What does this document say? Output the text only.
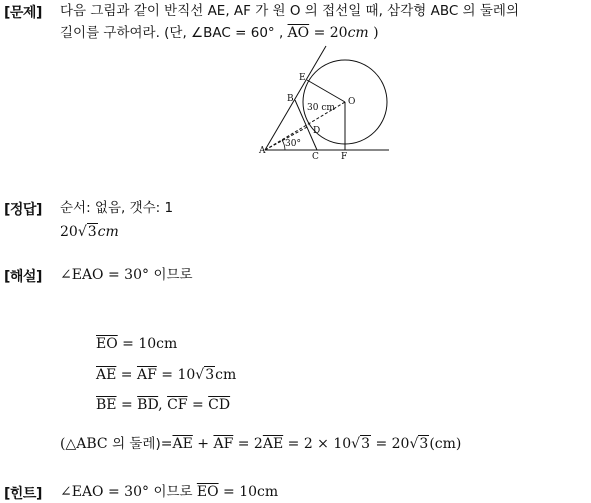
[문제] 다음 그림과 같이 반직선 AE, AF 가 원 O 의 접선일 때, 삼각형 ABC 의 둘레의
길이를 구하여라. (단, ∠BAC = 60° , $\overline{AO} = 20cm$ )
E
B	O
D
A
C F
30 cm
30°
[정답] 순서: 없음, 갯수: 1
20√3cm
[해설] ∠EAO = 30° 이므로
$\overline{EO} = 10cm$
$\overline{AE} = \overline{AF} = 10√3cm$
$\overline{BE} = \overline{BD}$, $\overline{CF} = \overline{CD}$
(△ABC 의 둘레)$=\overline{AE} + \overline{AF} = 2\overline{AE} = 2 \times 10√3 = 20√3(cm)$
[힌트] ∠EAO = 30° 이므로 $\overline{EO} = 10cm$
